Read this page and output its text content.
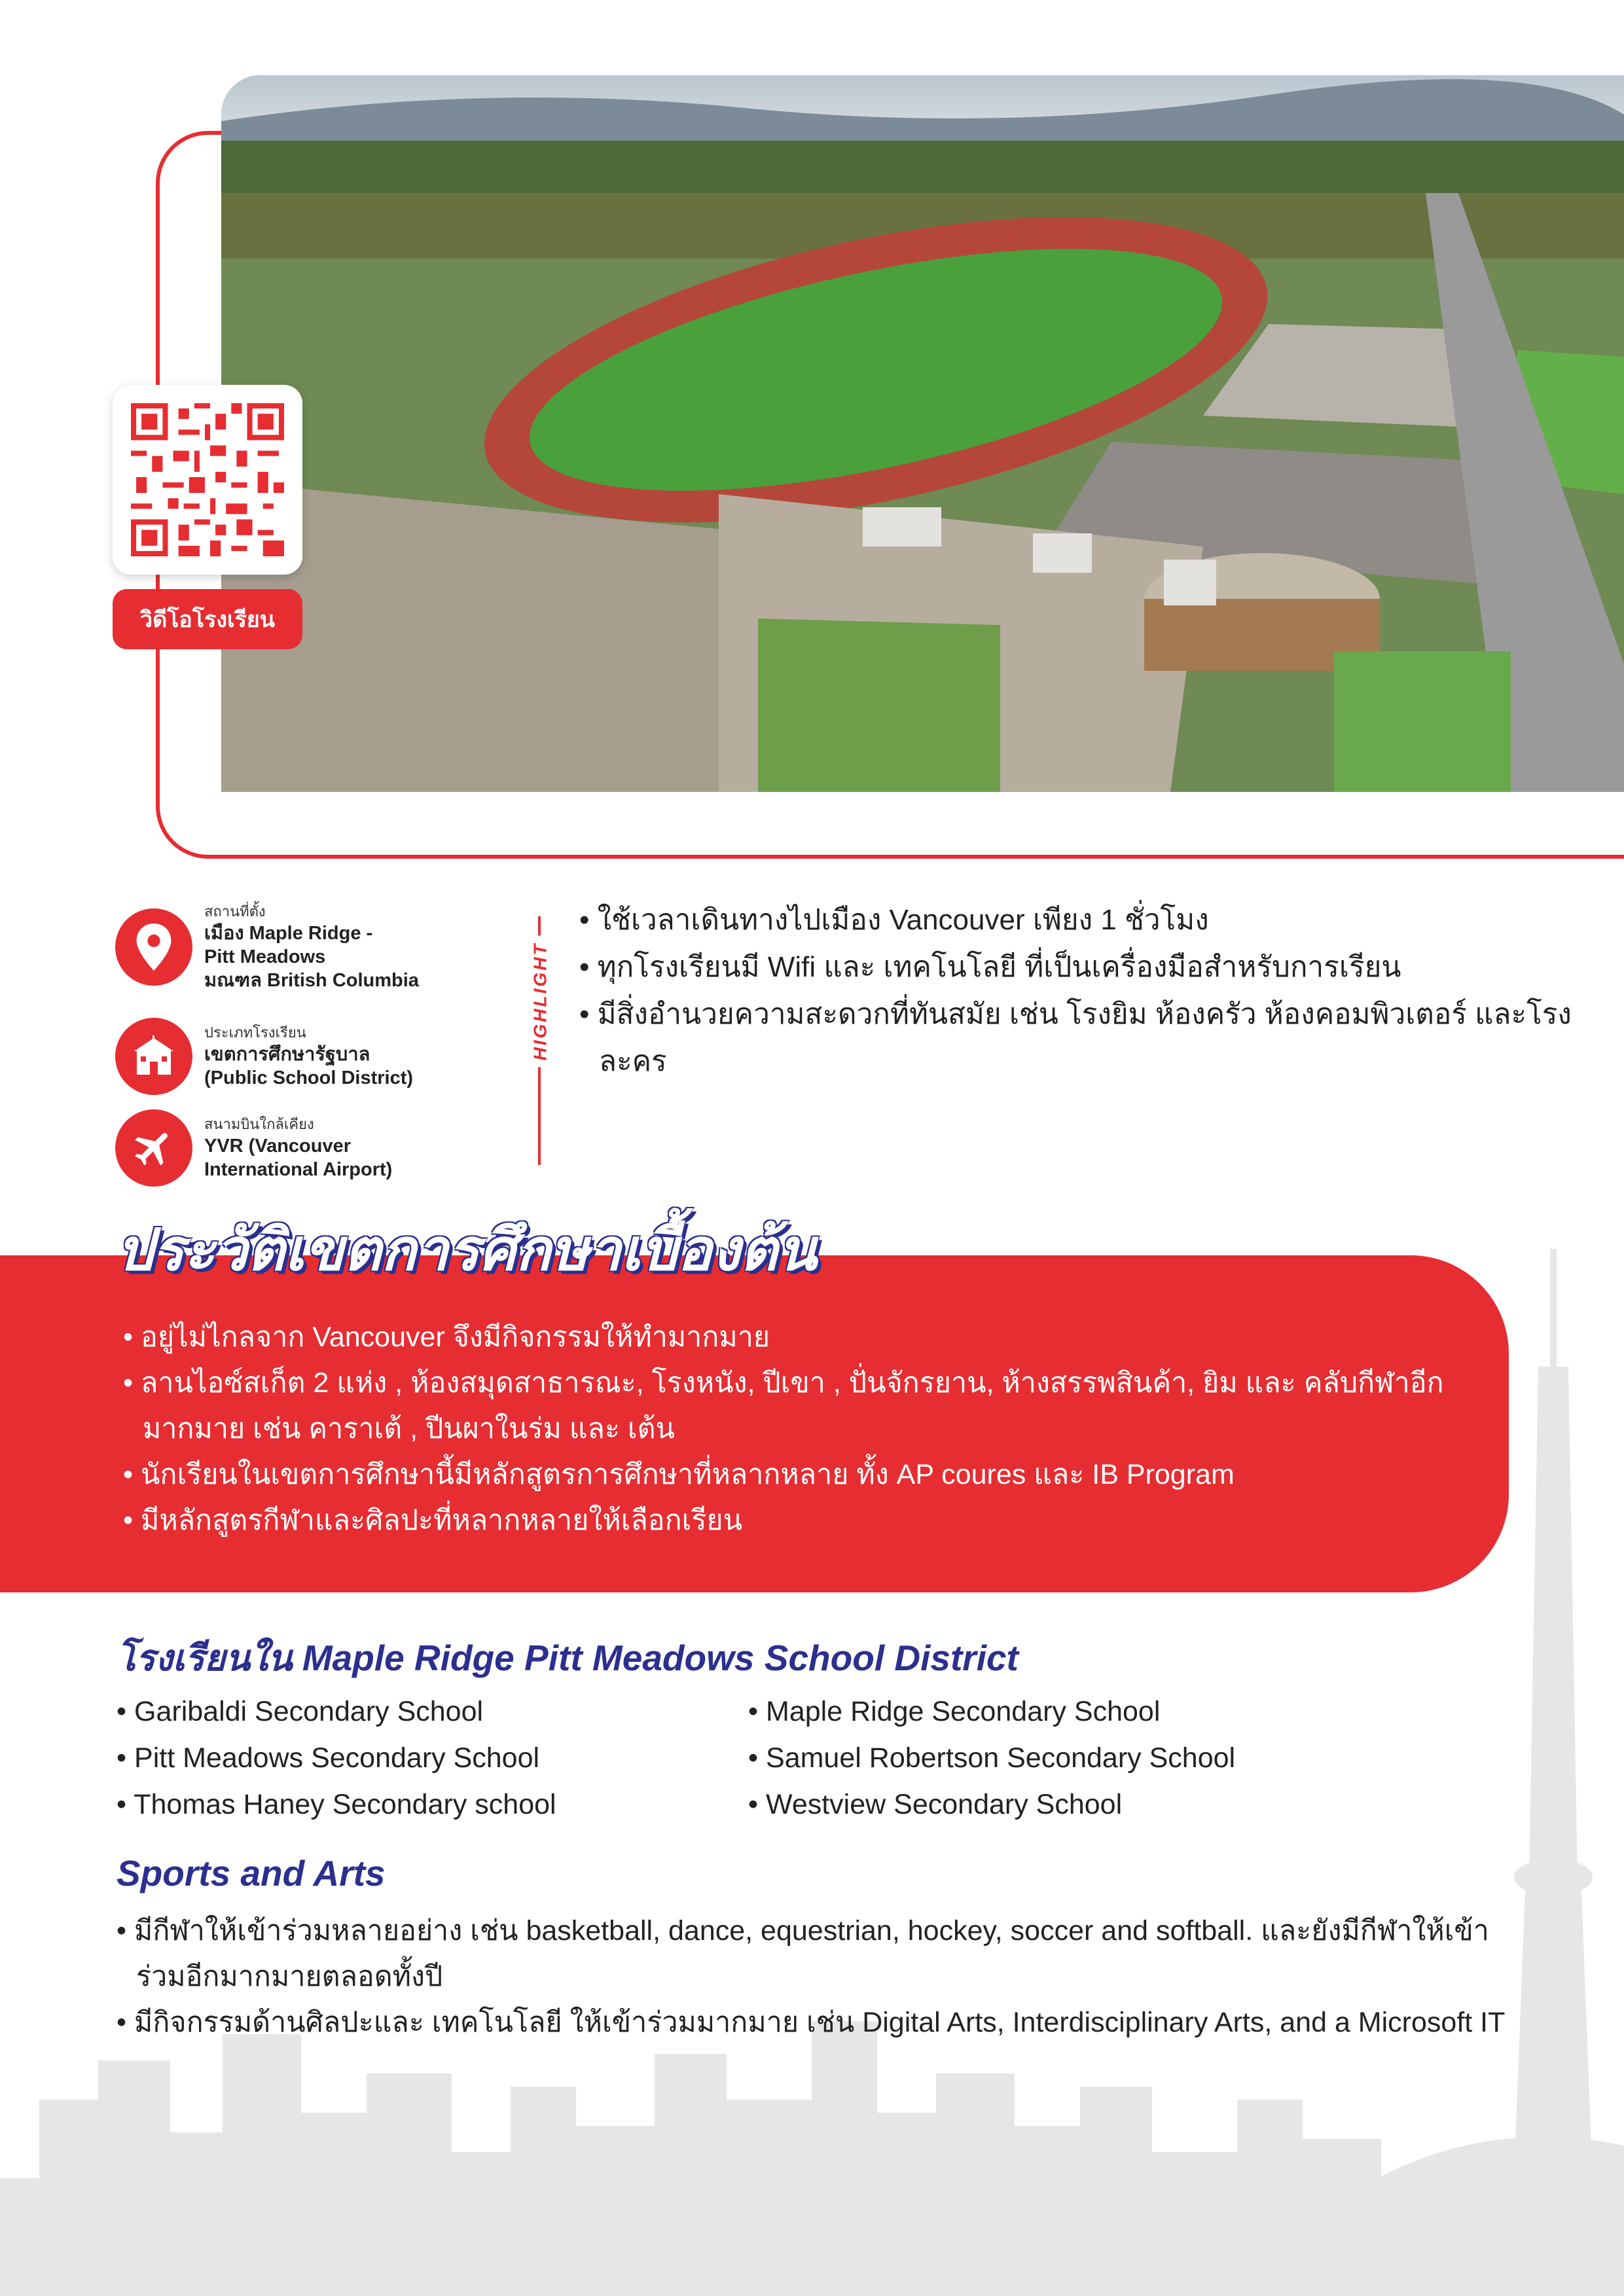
วิดีโอโรงเรียน
สถานที่ตั้ง
เมือง Maple Ridge -
Pitt Meadows
มณฑล British Columbia
ประเภทโรงเรียน
เขตการศึกษารัฐบาล
(Public School District)
สนามบินใกล้เคียง
YVR (Vancouver
International Airport)
HIGHLIGHT
• ใช้เวลาเดินทางไปเมือง Vancouver เพียง 1 ชั่วโมง
• ทุกโรงเรียนมี Wifi และ เทคโนโลยี ที่เป็นเครื่องมือสำหรับการเรียน
• มีสิ่งอำนวยความสะดวกที่ทันสมัย เช่น โรงยิม ห้องครัว ห้องคอมพิวเตอร์ และโรงละคร
ประวัติเขตการศึกษาเบื้องต้น
• อยู่ไม่ไกลจาก Vancouver จึงมีกิจกรรมให้ทำมากมาย
• ลานไอซ์สเก็ต 2 แห่ง , ห้องสมุดสาธารณะ, โรงหนัง, ปีเขา , ปั่นจักรยาน, ห้างสรรพสินค้า, ยิม และ คลับกีฬาอีกมากมาย เช่น คาราเต้ , ปีนผาในร่ม และ เต้น
• นักเรียนในเขตการศึกษานี้มีหลักสูตรการศึกษาที่หลากหลาย ทั้ง AP coures และ IB Program
• มีหลักสูตรกีฬาและศิลปะที่หลากหลายให้เลือกเรียน
โรงเรียนใน Maple Ridge Pitt Meadows School District
• Garibaldi Secondary School	• Maple Ridge Secondary School
• Pitt Meadows Secondary School	• Samuel Robertson Secondary School
• Thomas Haney Secondary school	• Westview Secondary School
Sports and Arts
• มีกีฬาให้เข้าร่วมหลายอย่าง เช่น basketball, dance, equestrian, hockey, soccer and softball. และยังมีกีฬาให้เข้าร่วมอีกมากมายตลอดทั้งปี
• มีกิจกรรมด้านศิลปะและ เทคโนโลยี ให้เข้าร่วมมากมาย เช่น Digital Arts, Interdisciplinary Arts, and a Microsoft IT
